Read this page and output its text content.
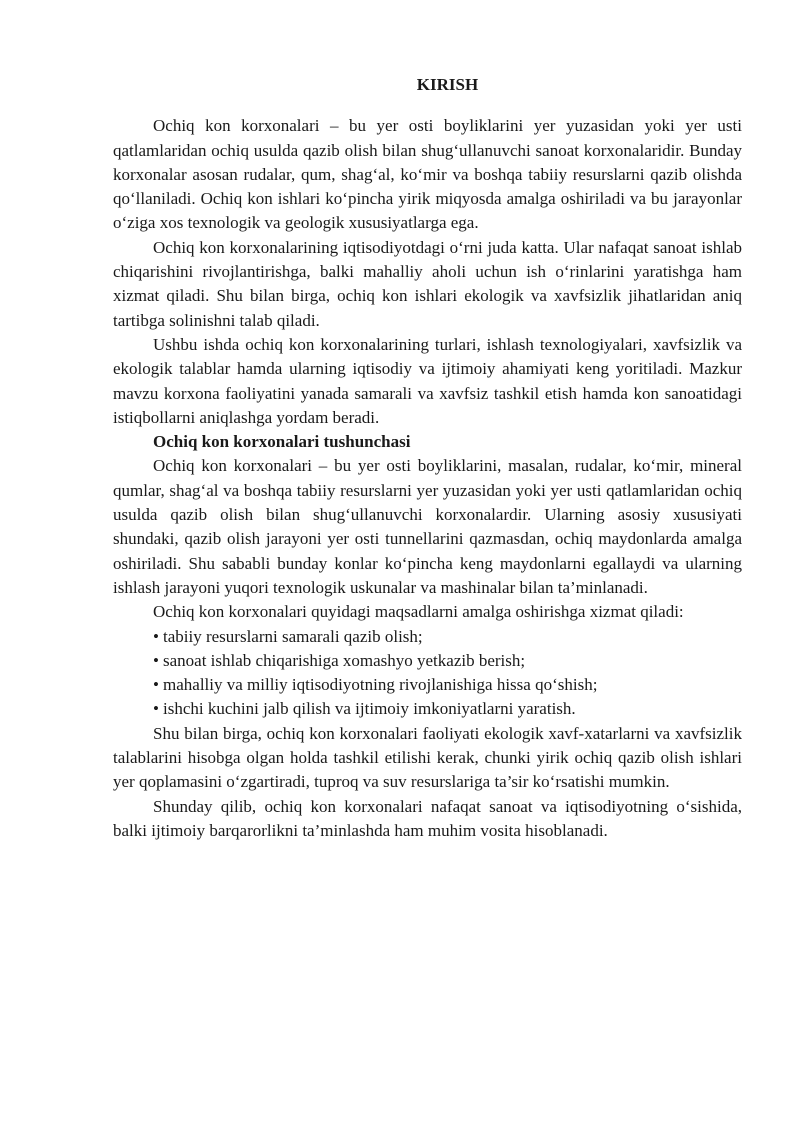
KIRISH

Ochiq kon korxonalari – bu yer osti boyliklarini yer yuzasidan yoki yer usti qatlamlaridan ochiq usulda qazib olish bilan shug‘ullanuvchi sanoat korxonalaridir. Bunday korxonalar asosan rudalar, qum, shag‘al, ko‘mir va boshqa tabiiy resurslarni qazib olishda qo‘llaniladi. Ochiq kon ishlari ko‘pincha yirik miqyosda amalga oshiriladi va bu jarayonlar o‘ziga xos texnologik va geologik xususiyatlarga ega.

Ochiq kon korxonalarining iqtisodiyotdagi o‘rni juda katta. Ular nafaqat sanoat ishlab chiqarishini rivojlantirishga, balki mahalliy aholi uchun ish o‘rinlarini yaratishga ham xizmat qiladi. Shu bilan birga, ochiq kon ishlari ekologik va xavfsizlik jihatlaridan aniq tartibga solinishni talab qiladi.

Ushbu ishda ochiq kon korxonalarining turlari, ishlash texnologiyalari, xavfsizlik va ekologik talablar hamda ularning iqtisodiy va ijtimoiy ahamiyati keng yoritiladi. Mazkur mavzu korxona faoliyatini yanada samarali va xavfsiz tashkil etish hamda kon sanoatidagi istiqbollarni aniqlashga yordam beradi.

Ochiq kon korxonalari tushunchasi

Ochiq kon korxonalari – bu yer osti boyliklarini, masalan, rudalar, ko‘mir, mineral qumlar, shag‘al va boshqa tabiiy resurslarni yer yuzasidan yoki yer usti qatlamlaridan ochiq usulda qazib olish bilan shug‘ullanuvchi korxonalardir. Ularning asosiy xususiyati shundaki, qazib olish jarayoni yer osti tunnellarini qazmasdan, ochiq maydonlarda amalga oshiriladi. Shu sababli bunday konlar ko‘pincha keng maydonlarni egallaydi va ularning ishlash jarayoni yuqori texnologik uskunalar va mashinalar bilan ta’minlanadi.

Ochiq kon korxonalari quyidagi maqsadlarni amalga oshirishga xizmat qiladi:

• tabiiy resurslarni samarali qazib olish;
• sanoat ishlab chiqarishiga xomashyo yetkazib berish;
• mahalliy va milliy iqtisodiyotning rivojlanishiga hissa qo‘shish;
• ishchi kuchini jalb qilish va ijtimoiy imkoniyatlarni yaratish.

Shu bilan birga, ochiq kon korxonalari faoliyati ekologik xavf-xatarlarni va xavfsizlik talablarini hisobga olgan holda tashkil etilishi kerak, chunki yirik ochiq qazib olish ishlari yer qoplamasini o‘zgartiradi, tuproq va suv resurslariga ta’sir ko‘rsatishi mumkin.

Shunday qilib, ochiq kon korxonalari nafaqat sanoat va iqtisodiyotning o‘sishida, balki ijtimoiy barqarorlikni ta’minlashda ham muhim vosita hisoblanadi.
